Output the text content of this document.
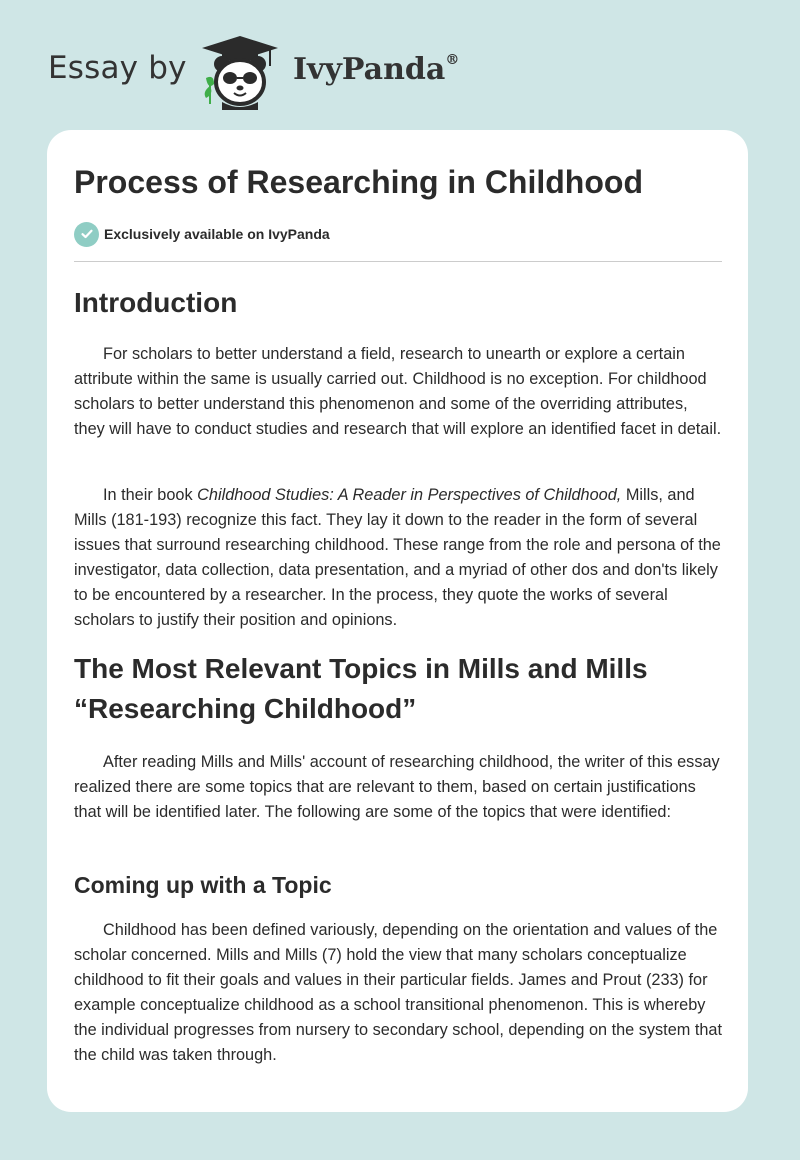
Essay by	IvyPanda®
Process of Researching in Childhood
Exclusively available on IvyPanda
Introduction

For scholars to better understand a field, research to unearth or explore a certain attribute within the same is usually carried out. Childhood is no exception. For childhood scholars to better understand this phenomenon and some of the overriding attributes, they will have to conduct studies and research that will explore an identified facet in detail.

In their book Childhood Studies: A Reader in Perspectives of Childhood, Mills, and Mills (181-193) recognize this fact. They lay it down to the reader in the form of several issues that surround researching childhood. These range from the role and persona of the investigator, data collection, data presentation, and a myriad of other dos and don'ts likely to be encountered by a researcher. In the process, they quote the works of several scholars to justify their position and opinions.

The Most Relevant Topics in Mills and Mills “Researching Childhood”

After reading Mills and Mills' account of researching childhood, the writer of this essay realized there are some topics that are relevant to them, based on certain justifications that will be identified later. The following are some of the topics that were identified:

Coming up with a Topic

Childhood has been defined variously, depending on the orientation and values of the scholar concerned. Mills and Mills (7) hold the view that many scholars conceptualize childhood to fit their goals and values in their particular fields. James and Prout (233) for example conceptualize childhood as a school transitional phenomenon. This is whereby the individual progresses from nursery to secondary school, depending on the system that the child was taken through.
